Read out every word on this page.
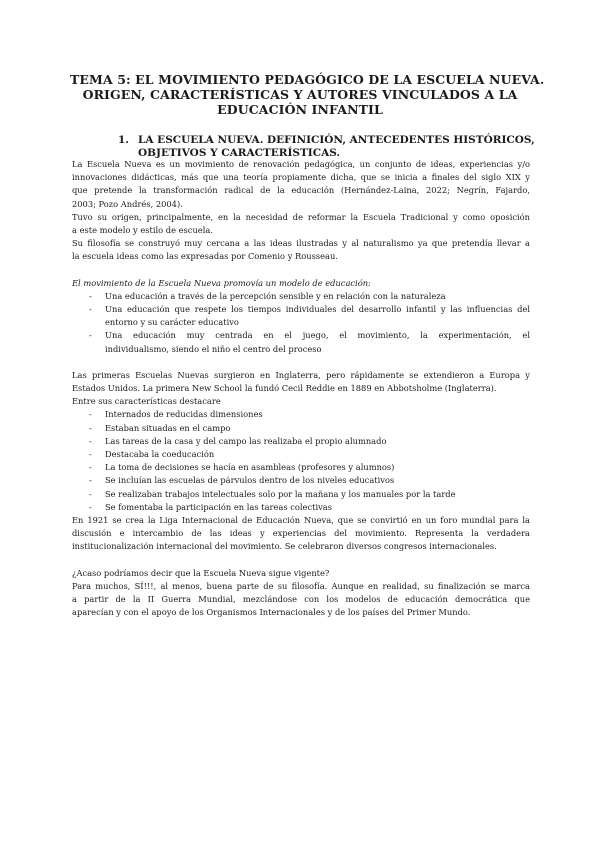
TEMA 5: EL MOVIMIENTO PEDAGÓGICO DE LA ESCUELA NUEVA.
ORIGEN, CARACTERÍSTICAS Y AUTORES VINCULADOS A LA
EDUCACIÓN INFANTIL
1. LA ESCUELA NUEVA. DEFINICIÓN, ANTECEDENTES HISTÓRICOS,
OBJETIVOS Y CARACTERÍSTICAS.
La Escuela Nueva es un movimiento de renovación pedagógica, un conjunto de ideas, experiencias y/o
innovaciones didácticas, más que una teoría propiamente dicha, que se inicia a finales del siglo XIX y
que pretende la transformación radical de la educación (Hernández-Laina, 2022; Negrín, Fajardo,
2003; Pozo Andrés, 2004).
Tuvo su origen, principalmente, en la necesidad de reformar la Escuela Tradicional y como oposición
a este modelo y estilo de escuela.
Su filosofía se construyó muy cercana a las ideas ilustradas y al naturalismo ya que pretendía llevar a
la escuela ideas como las expresadas por Comenio y Rousseau.
El movimiento de la Escuela Nueva promovía un modelo de educación:
- Una educación a través de la percepción sensible y en relación con la naturaleza
- Una educación que respete los tiempos individuales del desarrollo infantil y las influencias del
entorno y su carácter educativo
- Una educación muy centrada en el juego, el movimiento, la experimentación, el
individualismo, siendo el niño el centro del proceso
Las primeras Escuelas Nuevas surgieron en Inglaterra, pero rápidamente se extendieron a Europa y
Estados Unidos. La primera New School la fundó Cecil Reddie en 1889 en Abbotsholme (Inglaterra).
Entre sus características destacare
- Internados de reducidas dimensiones
- Estaban situadas en el campo
- Las tareas de la casa y del campo las realizaba el propio alumnado
- Destacaba la coeducación
- La toma de decisiones se hacía en asambleas (profesores y alumnos)
- Se incluían las escuelas de párvulos dentro de los niveles educativos
- Se realizaban trabajos intelectuales solo por la mañana y los manuales por la tarde
- Se fomentaba la participación en las tareas colectivas
En 1921 se crea la Liga Internacional de Educación Nueva, que se convirtió en un foro mundial para la
discusión e intercambio de las ideas y experiencias del movimiento. Representa la verdadera
institucionalización internacional del movimiento. Se celebraron diversos congresos internacionales.
¿Acaso podríamos decir que la Escuela Nueva sigue vigente?
Para muchos, SÍ!!!, al menos, buena parte de su filosofía. Aunque en realidad, su finalización se marca
a partir de la II Guerra Mundial, mezclándose con los modelos de educación democrática que
aparecían y con el apoyo de los Organismos Internacionales y de los países del Primer Mundo.
